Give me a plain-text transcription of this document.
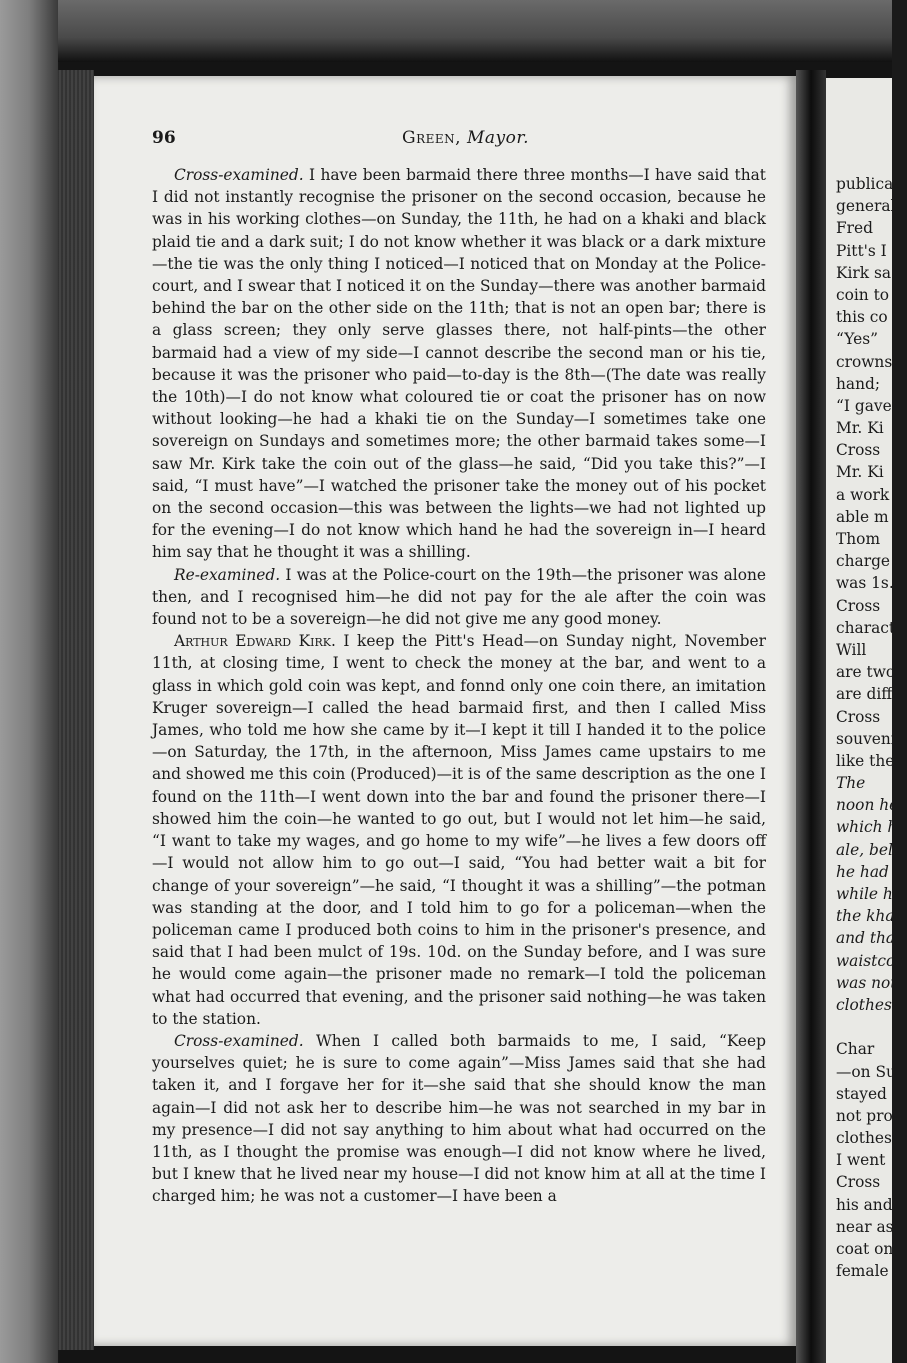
96	Green, Mayor.

Cross-examined. I have been barmaid there three months—I have said that I did not instantly recognise the prisoner on the second occasion, because he was in his working clothes—on Sunday, the 11th, he had on a khaki and black plaid tie and a dark suit; I do not know whether it was black or a dark mixture—the tie was the only thing I noticed—I noticed that on Monday at the Police-court, and I swear that I noticed it on the Sunday—there was another barmaid behind the bar on the other side on the 11th; that is not an open bar; there is a glass screen; they only serve glasses there, not half-pints—the other barmaid had a view of my side—I cannot describe the second man or his tie, because it was the prisoner who paid—to-day is the 8th—(The date was really the 10th)—I do not know what coloured tie or coat the prisoner has on now without looking—he had a khaki tie on the Sunday—I sometimes take one sovereign on Sundays and sometimes more; the other barmaid takes some—I saw Mr. Kirk take the coin out of the glass—he said, “Did you take this?”—I said, “I must have”—I watched the prisoner take the money out of his pocket on the second occasion—this was between the lights—we had not lighted up for the evening—I do not know which hand he had the sovereign in—I heard him say that he thought it was a shilling.

Re-examined. I was at the Police-court on the 19th—the prisoner was alone then, and I recognised him—he did not pay for the ale after the coin was found not to be a sovereign—he did not give me any good money.

Arthur Edward Kirk. I keep the Pitt's Head—on Sunday night, November 11th, at closing time, I went to check the money at the bar, and went to a glass in which gold coin was kept, and fonnd only one coin there, an imitation Kruger sovereign—I called the head barmaid first, and then I called Miss James, who told me how she came by it—I kept it till I handed it to the police—on Saturday, the 17th, in the afternoon, Miss James came upstairs to me and showed me this coin (Produced)—it is of the same description as the one I found on the 11th—I went down into the bar and found the prisoner there—I showed him the coin—he wanted to go out, but I would not let him—he said, “I want to take my wages, and go home to my wife”—he lives a few doors off—I would not allow him to go out—I said, “You had better wait a bit for change of your sovereign”—he said, “I thought it was a shilling”—the potman was standing at the door, and I told him to go for a policeman—when the policeman came I produced both coins to him in the prisoner's presence, and said that I had been mulct of 19s. 10d. on the Sunday before, and I was sure he would come again—the prisoner made no remark—I told the policeman what had occurred that evening, and the prisoner said nothing—he was taken to the station.

Cross-examined. When I called both barmaids to me, I said, “Keep yourselves quiet; he is sure to come again”—Miss James said that she had taken it, and I forgave her for it—she said that she should know the man again—I did not ask her to describe him—he was not searched in my bar in my presence—I did not say anything to him about what had occurred on the 11th, as I thought the promise was enough—I did not know where he lived, but I knew that he lived near my house—I did not know him at all at the time I charged him; he was not a customer—I have been a

publica
general
Fred
Pitt's I
Kirk sa
coin to
this co
“Yes”
crowns
hand;
“I gave
Mr. Ki
Cross
Mr. Ki
a work
able m
Thom
charge
was 1s.
Cross
charact
Will
are two
are diff
Cross
souveni
like the
The
noon he
which h
ale, beli
he had
while h
the khak
and tha
waistcoa
was not
clothes.

Char
—on Su
stayed t
not prop
clothes—
I went
Cross
his and
near as
coat on;
female c
